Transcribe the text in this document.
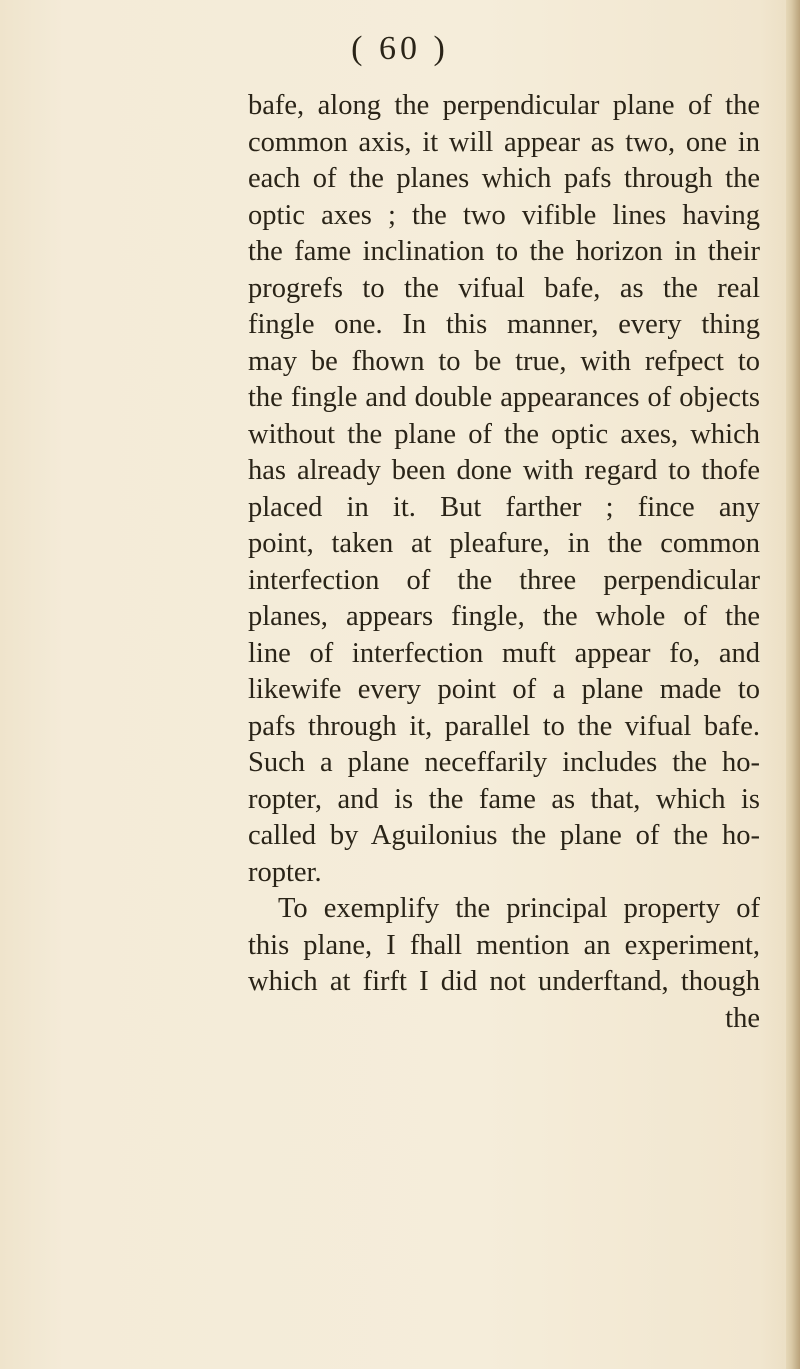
( 60 )
bafe, along the perpendicular plane of the
common axis, it will appear as two, one in
each of the planes which pafs through the
optic axes ; the two vifible lines having
the fame inclination to the horizon in their
progrefs to the vifual bafe, as the real
fingle one. In this manner, every thing
may be fhown to be true, with refpect to
the fingle and double appearances of objects
without the plane of the optic axes, which
has already been done with regard to thofe
placed in it. But farther ; fince any
point, taken at pleafure, in the common
interfection of the three perpendicular
planes, appears fingle, the whole of the
line of interfection muft appear fo, and
likewife every point of a plane made to
pafs through it, parallel to the vifual bafe.
Such a plane neceffarily includes the ho-
ropter, and is the fame as that, which is
called by Aguilonius the plane of the ho-
ropter.
To exemplify the principal property of
this plane, I fhall mention an experiment,
which at firft I did not underftand, though
the
